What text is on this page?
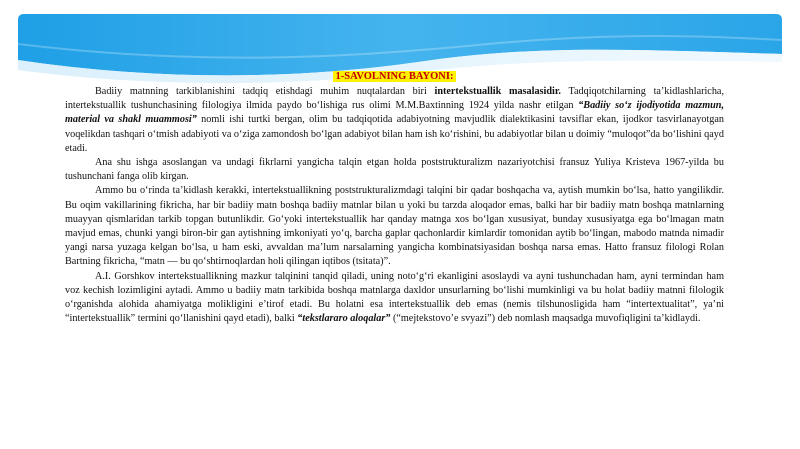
1-SAVOLNING BAYONI:

Badiiy matnning tarkiblanishini tadqiq etishdagi muhim nuqtalardan biri intertekstuallik masalasidir. Tadqiqotchilarning ta’kidlashlaricha, intertekstuallik tushunchasining filologiya ilmida paydo bo‘lishiga rus olimi M.M.Baxtinning 1924 yilda nashr etilgan “Badiiy so‘z ijodiyotida mazmun, material va shakl muammosi” nomli ishi turtki bergan, olim bu tadqiqotida adabiyotning mavjudlik dialektikasini tavsiflar ekan, ijodkor tasvirlanayotgan voqelikdan tashqari o‘tmish adabiyoti va o‘ziga zamondosh bo‘lgan adabiyot bilan ham ish ko‘rishini, bu adabiyotlar bilan u doimiy “muloqot”da bo‘lishini qayd etadi.

Ana shu ishga asoslangan va undagi fikrlarni yangicha talqin etgan holda poststrukturalizm nazariyotchisi fransuz Yuliya Kristeva 1967-yilda bu tushunchani fanga olib kirgan.

Ammo bu o‘rinda ta’kidlash kerakki, intertekstuallikning poststrukturalizmdagi talqini bir qadar boshqacha va, aytish mumkin bo‘lsa, hatto yangilikdir. Bu oqim vakillarining fikricha, har bir badiiy matn boshqa badiiy matnlar bilan u yoki bu tarzda aloqador emas, balki har bir badiiy matn boshqa matnlarning muayyan qismlaridan tarkib topgan butunlikdir. Go‘yoki intertekstuallik har qanday matnga xos bo‘lgan xususiyat, bunday xususiyatga ega bo‘lmagan matn mavjud emas, chunki yangi biron-bir gan aytishning imkoniyati yo‘q, barcha gaplar qachonlardir kimlardir tomonidan aytib bo‘lingan, mabodo matnda nimadir yangi narsa yuzaga kelgan bo‘lsa, u ham eski, avvaldan ma’lum narsalarning yangicha kombinatsiyasidan boshqa narsa emas. Hatto fransuz filologi Rolan Bartning fikricha, “matn — bu qo‘shtirnoqlardan holi qilingan iqtibos (tsitata)”.

A.I. Gorshkov intertekstuallikning mazkur talqinini tanqid qiladi, uning noto‘g‘ri ekanligini asoslaydi va ayni tushunchadan ham, ayni termindan ham voz kechish lozimligini aytadi. Ammo u badiiy matn tarkibida boshqa matnlarga daxldor unsurlarning bo‘lishi mumkinligi va bu holat badiiy matnni filologik o‘rganishda alohida ahamiyatga molikligini e’tirof etadi. Bu holatni esa intertekstuallik deb emas (nemis tilshunosligida ham “intertextualitat”, ya’ni “intertekstuallik” termini qo‘llanishini qayd etadi), balki “tekstlararo aloqalar” (“mejtekstovo’e svyazi”) deb nomlash maqsadga muvofiqligini ta’kidlaydi.
